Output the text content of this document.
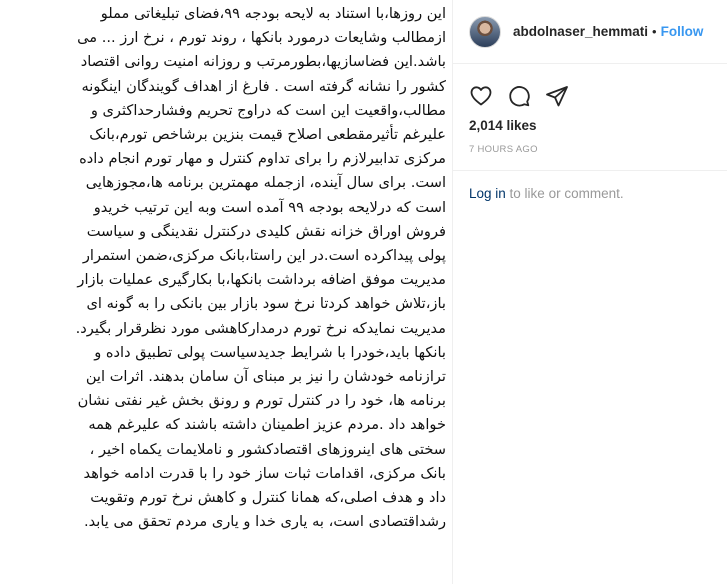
این روزها،با استناد به لایحه بودجه ۹۹،فضای تبلیغاتی مملو
ازمطالب وشایعات درمورد بانکها ، روند تورم ، نرخ ارز ... می
باشد.این فضاسازیها،بطورمرتب و روزانه امنیت روانی اقتصاد
کشور را نشانه گرفته است . فارغ از اهداف گویندگان اینگونه
مطالب،واقعیت این است که دراوج تحریم وفشارحداکثری و
علیرغم تأثیرمقطعی اصلاح قیمت بنزین برشاخص تورم،بانک
مرکزی تدابیرلازم را برای تداوم کنترل و مهار تورم انجام داده
است. برای سال آینده، ازجمله مهمترین برنامه ها،مجوزهایی
است که درلایحه بودجه ۹۹ آمده است وبه این ترتیب خریدو
فروش اوراق خزانه نقش کلیدی درکنترل نقدینگی و سیاست
پولی پیداکرده است.در این راستا،بانک مرکزی،ضمن استمرار
مدیریت موفق اضافه برداشت بانکها،با بکارگیری عملیات بازار
باز،تلاش خواهد کردتا نرخ سود بازار بین بانکی را به گونه ای
مدیریت نمایدکه نرخ تورم درمدارکاهشی مورد نظرقرار بگیرد.
بانکها باید،خودرا با شرایط جدیدسیاست پولی تطبیق داده و
ترازنامه خودشان را نیز بر مبنای آن سامان بدهند. اثرات این
برنامه ها، خود را در کنترل تورم و رونق بخش غیر نفتی نشان
خواهد داد .مردم عزیز اطمینان داشته باشند که علیرغم همه
سختی های اینروزهای اقتصادکشور و ناملایمات یکماه اخیر ،
بانک مرکزی، اقدامات ثبات ساز خود را با قدرت ادامه خواهد
داد و هدف اصلی،که همانا کنترل و کاهش نرخ تورم وتقویت
رشداقتصادی است، به یاری خدا و یاری مردم تحقق می یابد.
abdolnaser_hemmati • Follow
2,014 likes
7 HOURS AGO
Log in to like or comment.
